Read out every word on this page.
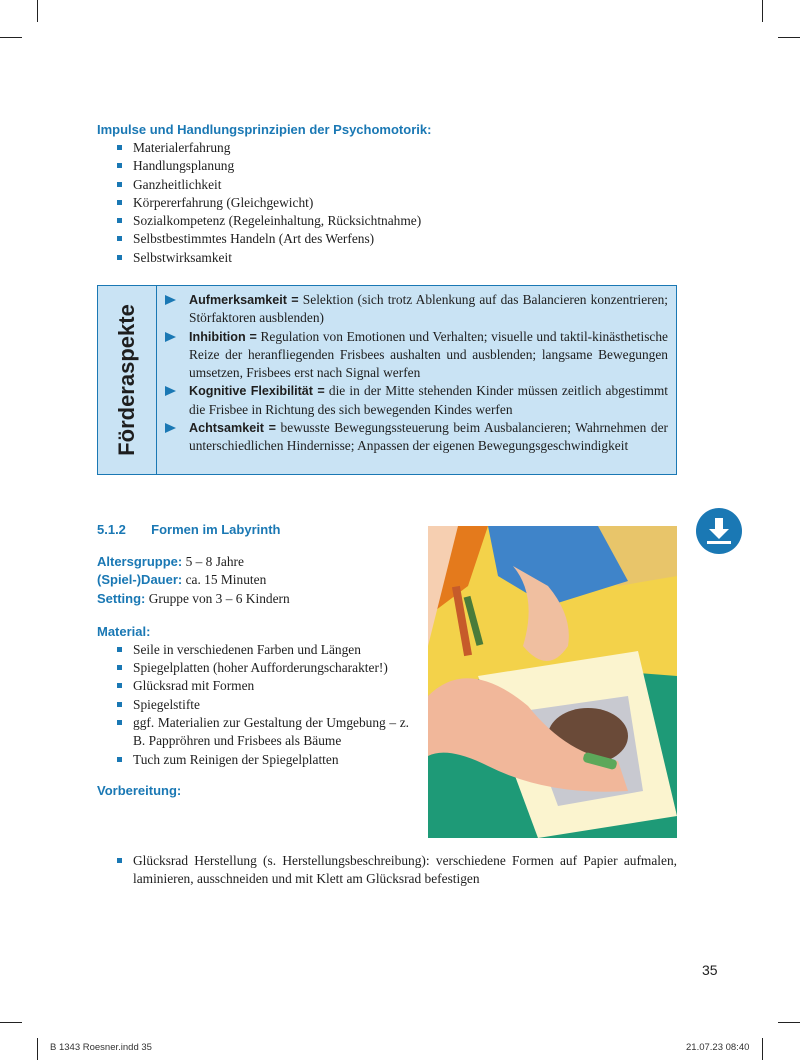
Impulse und Handlungsprinzipien der Psychomotorik:
Materialerfahrung
Handlungsplanung
Ganzheitlichkeit
Körpererfahrung (Gleichgewicht)
Sozialkompetenz (Regeleinhaltung, Rücksichtnahme)
Selbstbestimmtes Handeln (Art des Werfens)
Selbstwirksamkeit
Förderaspekte
Aufmerksamkeit = Selektion (sich trotz Ablenkung auf das Balancieren konzentrieren; Störfaktoren ausblenden)
Inhibition = Regulation von Emotionen und Verhalten; visuelle und taktil-kinästhetische Reize der heranfliegenden Frisbees aushalten und ausblenden; langsame Bewegungen umsetzen, Frisbees erst nach Signal werfen
Kognitive Flexibilität = die in der Mitte stehenden Kinder müssen zeitlich abgestimmt die Frisbee in Richtung des sich bewegenden Kindes werfen
Achtsamkeit = bewusste Bewegungssteuerung beim Ausbalancieren; Wahrnehmen der unterschiedlichen Hindernisse; Anpassen der eigenen Bewegungsgeschwindigkeit
5.1.2 Formen im Labyrinth
Altersgruppe: 5 – 8 Jahre
(Spiel-)Dauer: ca. 15 Minuten
Setting: Gruppe von 3 – 6 Kindern
Material:
Seile in verschiedenen Farben und Längen
Spiegelplatten (hoher Aufforderungscharakter!)
Glücksrad mit Formen
Spiegelstifte
ggf. Materialien zur Gestaltung der Umgebung – z. B. Pappröhren und Frisbees als Bäume
Tuch zum Reinigen der Spiegelplatten
Vorbereitung:
Glücksrad Herstellung (s. Herstellungsbeschreibung): verschiedene Formen auf Papier aufmalen, laminieren, ausschneiden und mit Klett am Glücksrad befestigen
35
B 1343 Roesner.indd 35	21.07.23 08:40
